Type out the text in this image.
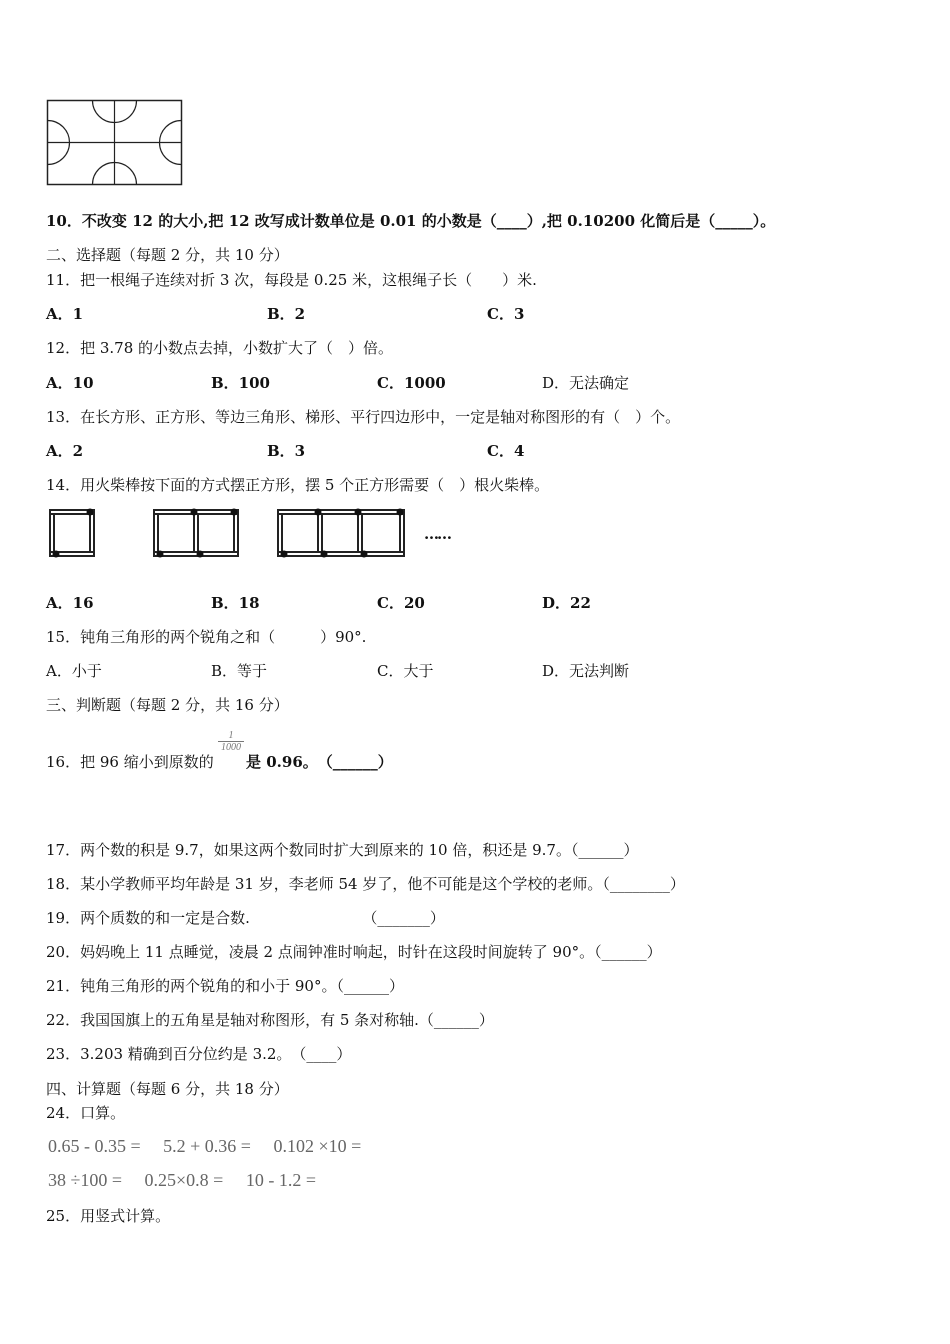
10．不改变 12 的大小,把 12 改写成计数单位是 0.01 的小数是（____）,把 0.10200 化简后是（_____）。
二、选择题（每题 2 分，共 10 分）
11．把一根绳子连续对折 3 次，每段是 0.25 米，这根绳子长（　　）米.
A．1	B．2	C．3
12．把 3.78 的小数点去掉，小数扩大了（　）倍。
A．10	B．100	C．1000	D．无法确定
13．在长方形、正方形、等边三角形、梯形、平行四边形中，一定是轴对称图形的有（　）个。
A．2	B．3	C．4
14．用火柴棒按下面的方式摆正方形，摆 5 个正方形需要（　）根火柴棒。
……
A．16	B．18	C．20	D．22
15．钝角三角形的两个锐角之和（　　　）90°.
A．小于	B．等于	C．大于	D．无法判断
三、判断题（每题 2 分，共 16 分）
16．把 96 缩小到原数的
$\frac{1}{1000}$
是 0.96。　（______）
17．两个数的积是 9.7，如果这两个数同时扩大到原来的 10 倍，积还是 9.7。（______）
18．某小学教师平均年龄是 31 岁，李老师 54 岁了，他不可能是这个学校的老师。（________）
19．两个质数的和一定是合数.　　　　　　　　（_______）
20．妈妈晚上 11 点睡觉，凌晨 2 点闹钟准时响起，时针在这段时间旋转了 90°。（______）
21．钝角三角形的两个锐角的和小于 90°。（______）
22．我国国旗上的五角星是轴对称图形，有 5 条对称轴.（______）
23．3.203 精确到百分位约是 3.2。　（____）
四、计算题（每题 6 分，共 18 分）
24．口算。
0.65 - 0.35 = 5.2 + 0.36 = 0.102 ×10 =
38 ÷100 = 0.25×0.8 = 10 - 1.2 =
25．用竖式计算。
